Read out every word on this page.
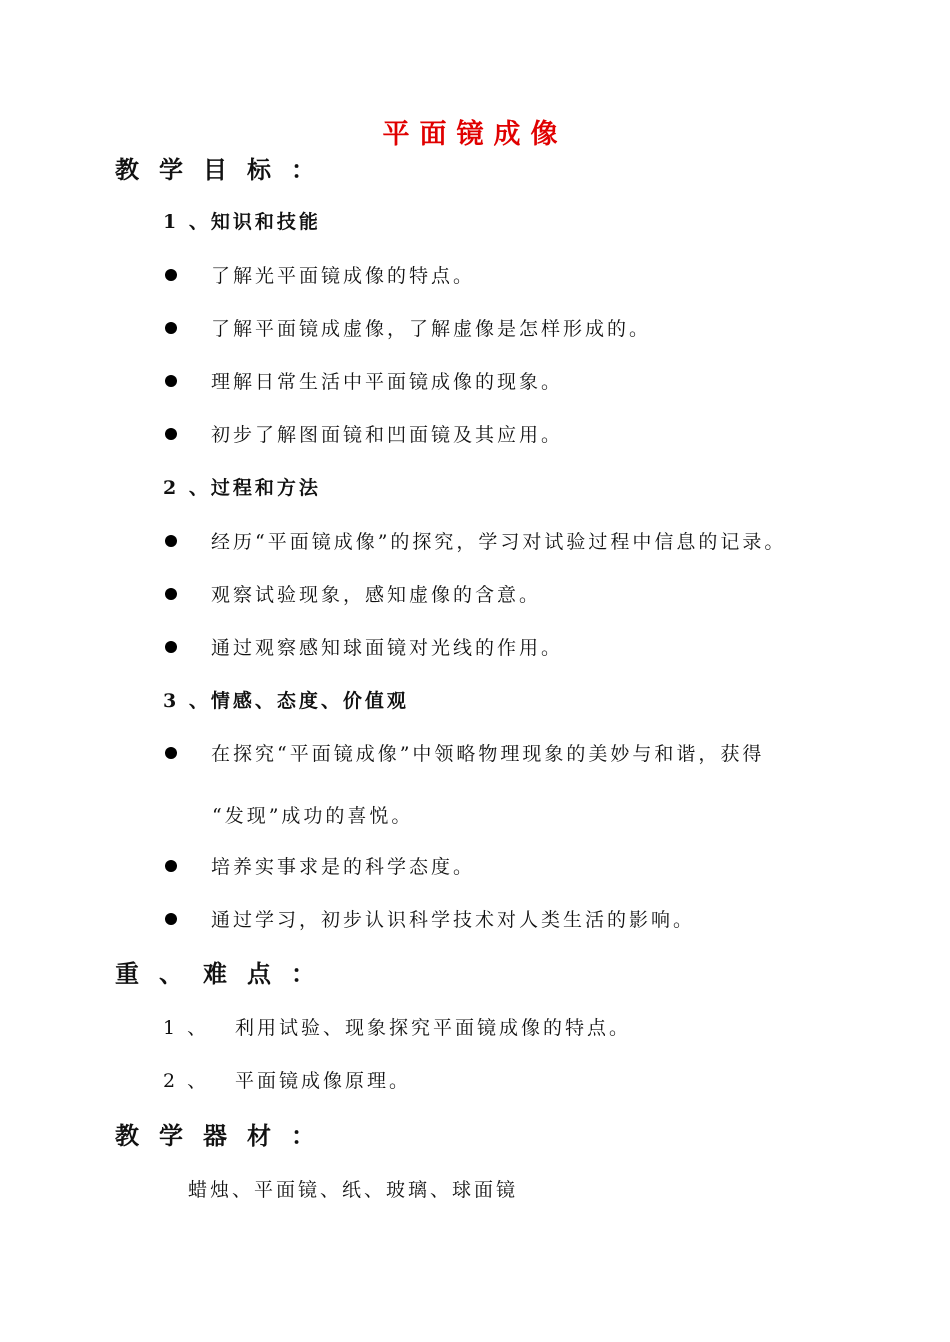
平面镜成像
教学目标：
1 、知识和技能
了解光平面镜成像的特点。
了解平面镜成虚像，了解虚像是怎样形成的。
理解日常生活中平面镜成像的现象。
初步了解图面镜和凹面镜及其应用。
2 、过程和方法
经历“平面镜成像”的探究，学习对试验过程中信息的记录。
观察试验现象，感知虚像的含意。
通过观察感知球面镜对光线的作用。
3 、情感、态度、价值观
在探究“平面镜成像”中领略物理现象的美妙与和谐，获得
“发现”成功的喜悦。
培养实事求是的科学态度。
通过学习，初步认识科学技术对人类生活的影响。
重、难点：
1 、 利用试验、现象探究平面镜成像的特点。
2 、 平面镜成像原理。
教学器材：
蜡烛、平面镜、纸、玻璃、球面镜
